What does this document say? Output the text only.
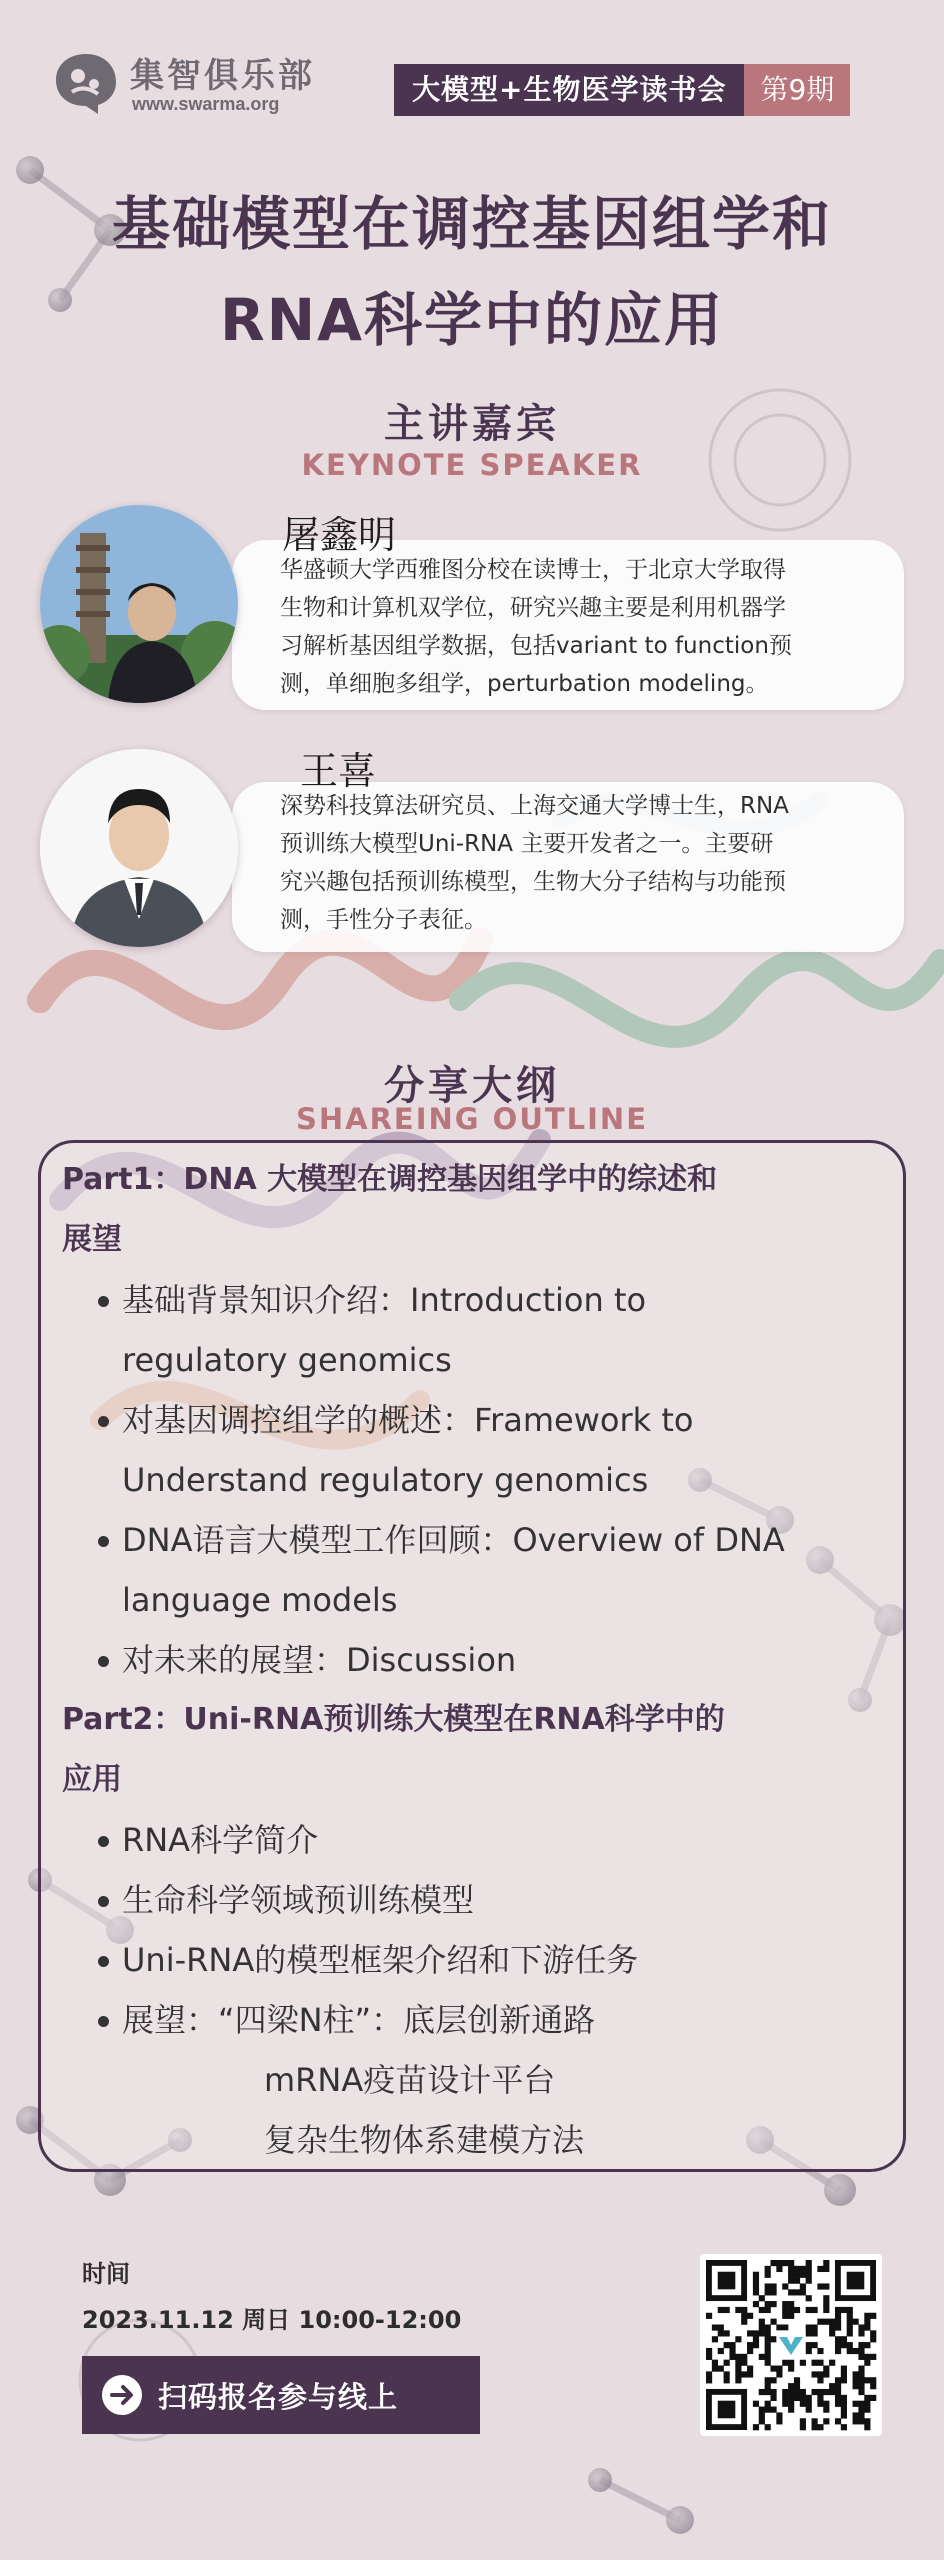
集智俱乐部
www.swarma.org	大模型+生物医学读书会	第9期
基础模型在调控基因组学和
RNA科学中的应用
主讲嘉宾
KEYNOTE SPEAKER
屠鑫明
华盛顿大学西雅图分校在读博士，于北京大学取得
生物和计算机双学位，研究兴趣主要是利用机器学
习解析基因组学数据，包括variant to function预
测，单细胞多组学，perturbation modeling。
王喜
深势科技算法研究员、上海交通大学博士生，RNA
预训练大模型Uni-RNA 主要开发者之一。主要研
究兴趣包括预训练模型，生物大分子结构与功能预
测，手性分子表征。
分享大纲
SHAREING OUTLINE
Part1：DNA 大模型在调控基因组学中的综述和
展望
基础背景知识介绍：Introduction to
regulatory genomics
对基因调控组学的概述：Framework to
Understand regulatory genomics
DNA语言大模型工作回顾：Overview of DNA
language models
对未来的展望：Discussion
Part2：Uni-RNA预训练大模型在RNA科学中的
应用
RNA科学简介
生命科学领域预训练模型
Uni-RNA的模型框架介绍和下游任务
展望：“四梁N柱”：底层创新通路
mRNA疫苗设计平台
复杂生物体系建模方法
时间
2023.11.12 周日 10:00-12:00
扫码报名参与线上
